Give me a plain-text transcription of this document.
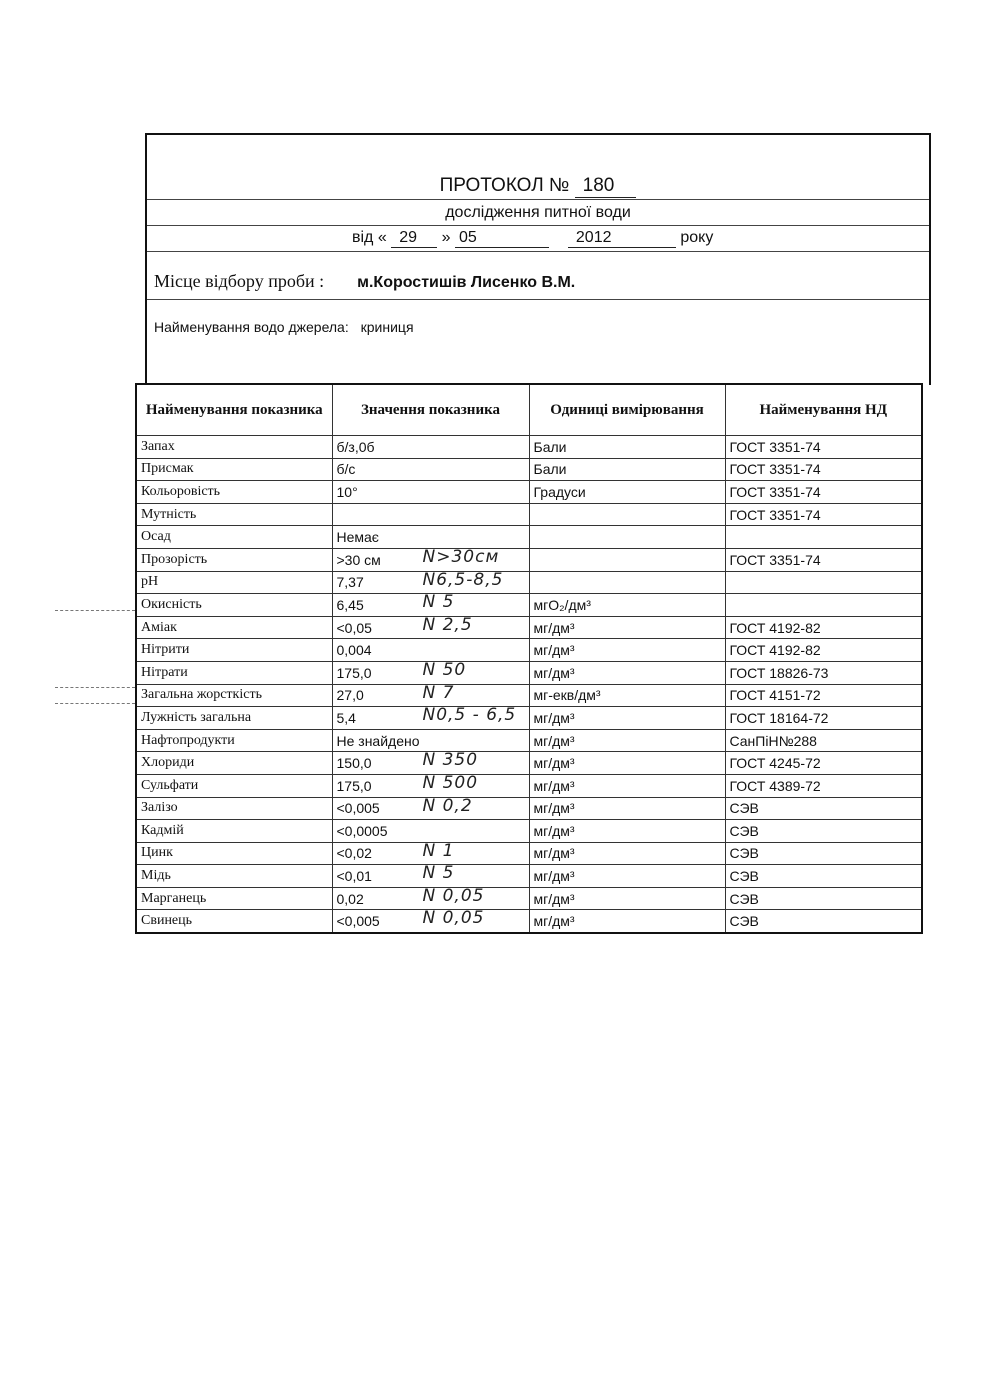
ПРОТОКОЛ № 180
дослідження питної води
від « 29 » 05	2012	року
Місце відбору проби : м.Коростишів Лисенко В.М.
Найменування водо джерела: криниця
Найменування показника	Значення показника	Одиниці вимірювання	Найменування НД
Запах	б/з,0б	Бали	ГОСТ 3351-74
Присмак	б/с	Бали	ГОСТ 3351-74
Кольоровість	10°	Градуси	ГОСТ 3351-74
Мутність			ГОСТ 3351-74
Осад	Немає		
Прозорість	>30 см N>30см		ГОСТ 3351-74
pH	7,37 N6,5-8,5		

Окисніcть	6,45 N 5	мгО₂/дм³	
Аміак	<0,05 N 2,5	мг/дм³	ГОСТ 4192-82
Нітрити	0,004	мг/дм³	ГОСТ 4192-82
Нітрати	175,0 N 50	мг/дм³	ГОСТ 18826-73
Загальна жорсткість	27,0 N 7	мг-екв/дм³	ГОСТ 4151-72
Лужність загальна	5,4 N0,5 - 6,5	мг/дм³	ГОСТ 18164-72
Нафтопродукти	Не знайдено	мг/дм³	СанПіН№288
Хлориди	150,0 N 350	мг/дм³	ГОСТ 4245-72
Сульфати	175,0 N 500	мг/дм³	ГОСТ 4389-72
Залізо	<0,005 N 0,2	мг/дм³	СЭВ
Кадмій	<0,0005	мг/дм³	СЭВ
Цинк	<0,02 N 1	мг/дм³	СЭВ
Мідь	<0,01 N 5	мг/дм³	СЭВ
Марганець	0,02 N 0,05	мг/дм³	СЭВ
Свинець	<0,005 N 0,05	мг/дм³	СЭВ
